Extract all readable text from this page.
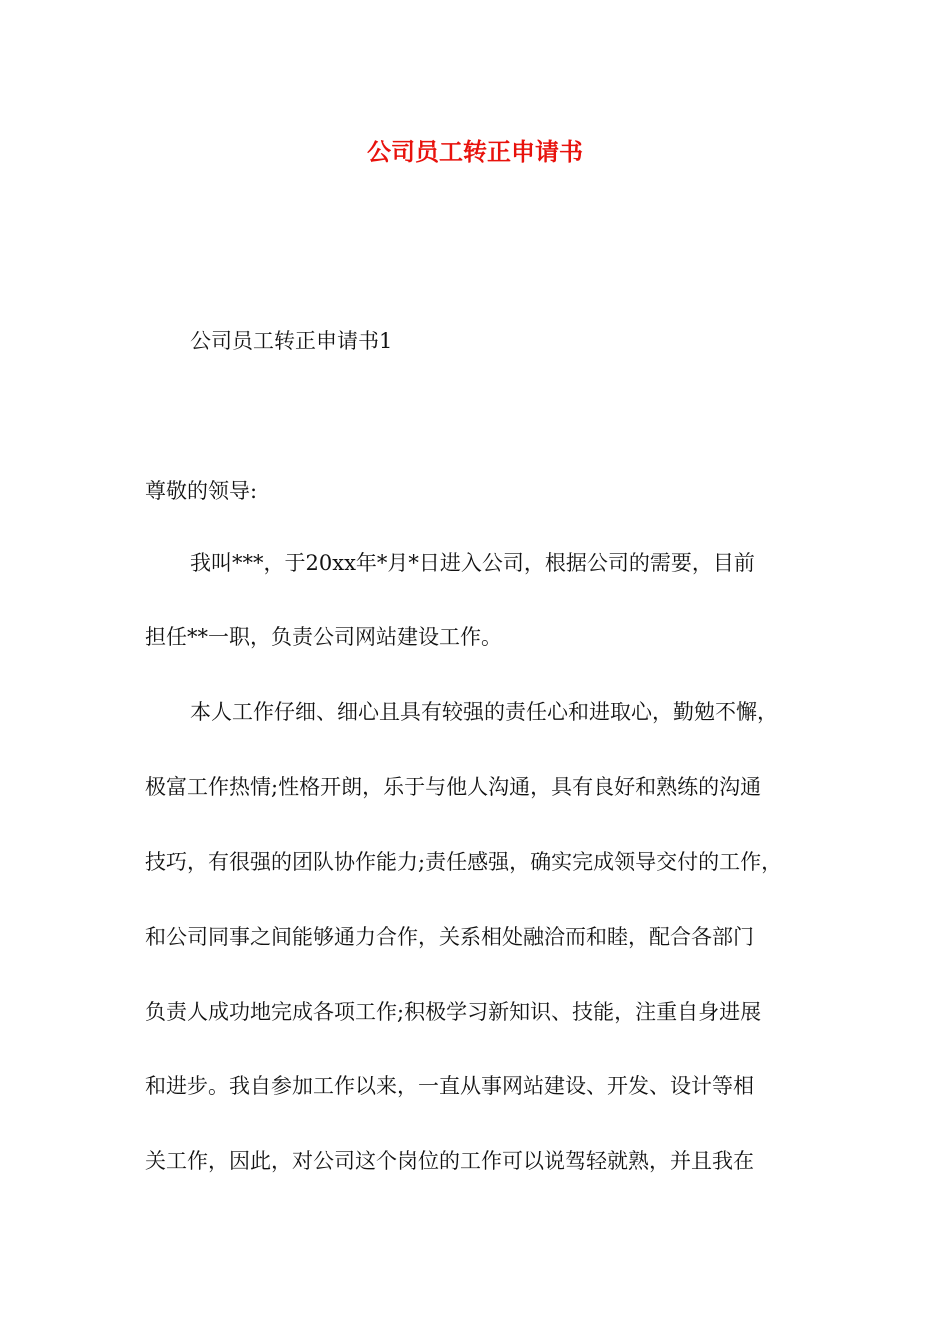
公司员工转正申请书
公司员工转正申请书1
尊敬的领导:
我叫***，于20xx年*月*日进入公司，根据公司的需要，目前
担任**一职，负责公司网站建设工作。
本人工作仔细、细心且具有较强的责任心和进取心，勤勉不懈，
极富工作热情;性格开朗，乐于与他人沟通，具有良好和熟练的沟通
技巧，有很强的团队协作能力;责任感强，确实完成领导交付的工作，
和公司同事之间能够通力合作，关系相处融洽而和睦，配合各部门
负责人成功地完成各项工作;积极学习新知识、技能，注重自身进展
和进步。我自参加工作以来，一直从事网站建设、开发、设计等相
关工作，因此，对公司这个岗位的工作可以说驾轻就熟，并且我在
